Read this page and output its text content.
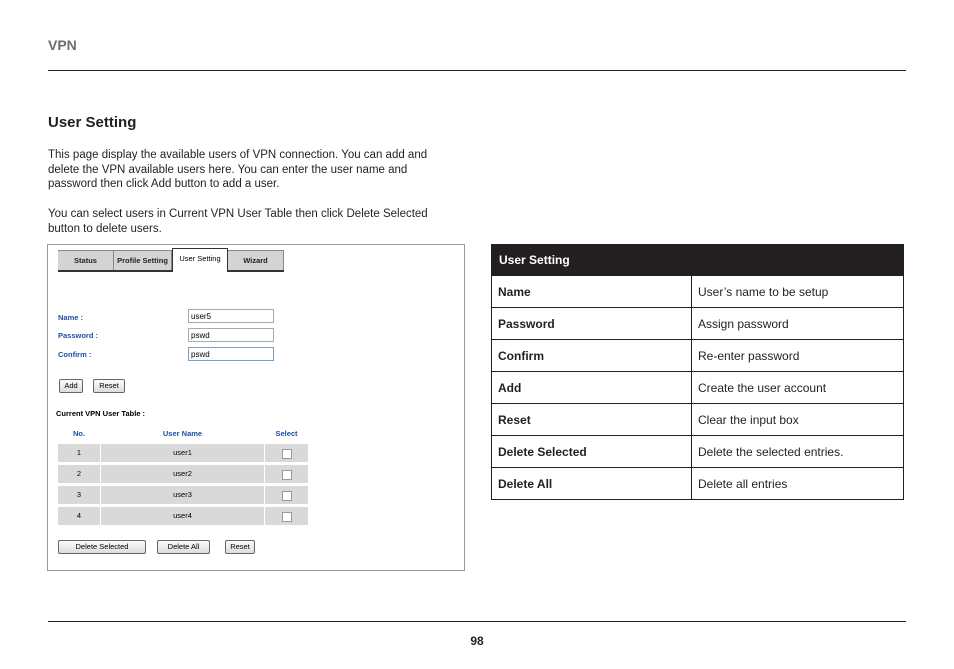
VPN
User Setting
This page display the available users of VPN connection. You can add and delete the VPN available users here. You can enter the user name and password then click Add button to add a user.
You can select users in Current VPN User Table then click Delete Selected button to delete users.
Status	Profile Setting	User Setting	Wizard
Name :	user5
Password :	pswd
Confirm :	pswd
Add	Reset
Current VPN User Table :
No.	User Name	Select
1	user1
2	user2
3	user3
4	user4
Delete Selected	Delete All	Reset
User Setting	
Name	User’s name to be setup
Password	Assign password
Confirm	Re-enter password
Add	Create the user account
Reset	Clear the input box
Delete Selected	Delete the selected entries.
Delete All	Delete all entries
98
